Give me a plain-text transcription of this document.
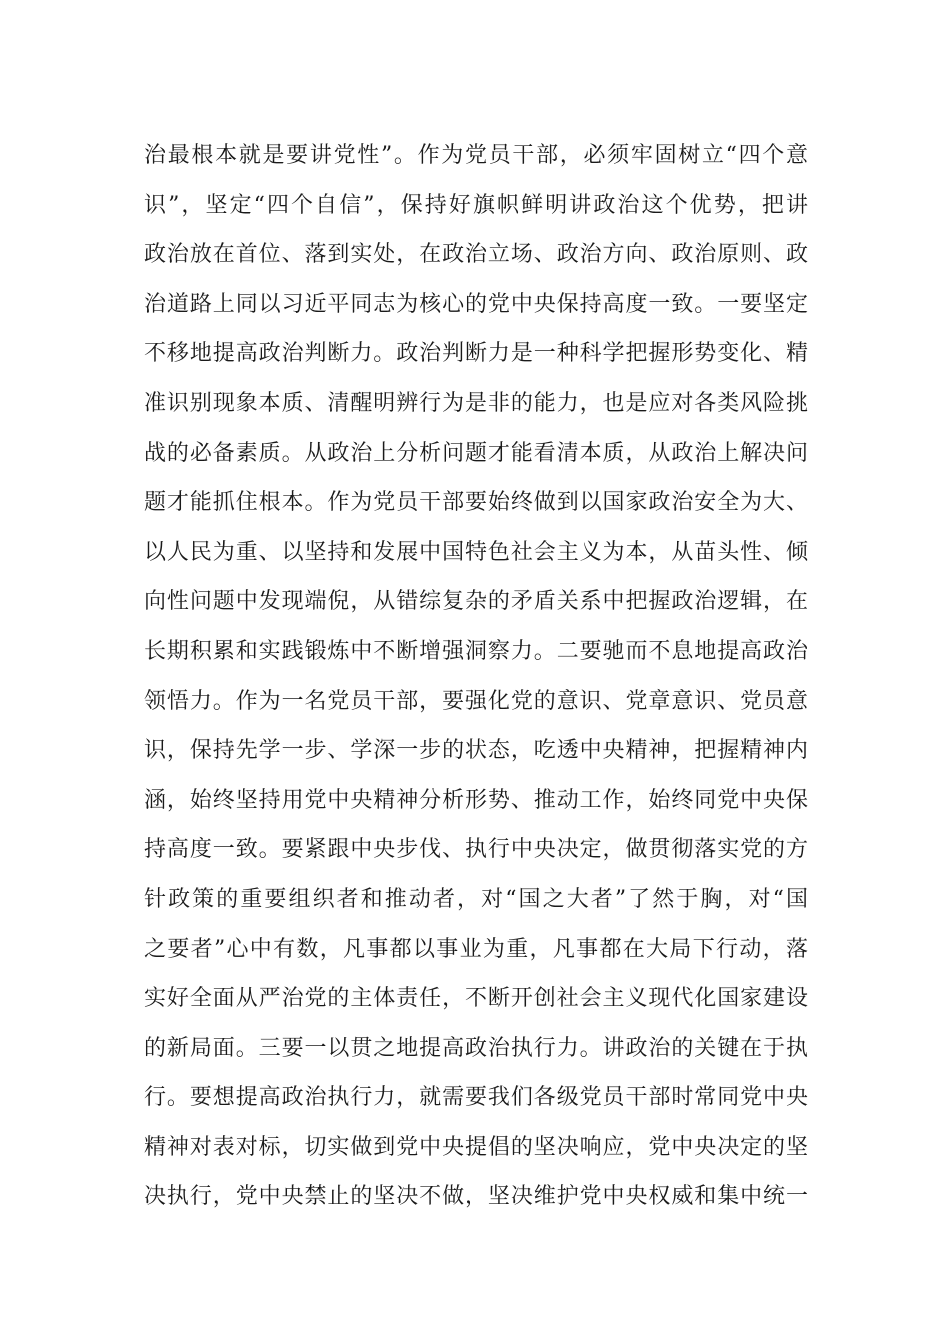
治最根本就是要讲党性”。作为党员干部，必须牢固树立“四个意
识”，坚定“四个自信”，保持好旗帜鲜明讲政治这个优势，把讲
政治放在首位、落到实处，在政治立场、政治方向、政治原则、政
治道路上同以习近平同志为核心的党中央保持高度一致。一要坚定
不移地提高政治判断力。政治判断力是一种科学把握形势变化、精
准识别现象本质、清醒明辨行为是非的能力，也是应对各类风险挑
战的必备素质。从政治上分析问题才能看清本质，从政治上解决问
题才能抓住根本。作为党员干部要始终做到以国家政治安全为大、
以人民为重、以坚持和发展中国特色社会主义为本，从苗头性、倾
向性问题中发现端倪，从错综复杂的矛盾关系中把握政治逻辑，在
长期积累和实践锻炼中不断增强洞察力。二要驰而不息地提高政治
领悟力。作为一名党员干部，要强化党的意识、党章意识、党员意
识，保持先学一步、学深一步的状态，吃透中央精神，把握精神内
涵，始终坚持用党中央精神分析形势、推动工作，始终同党中央保
持高度一致。要紧跟中央步伐、执行中央决定，做贯彻落实党的方
针政策的重要组织者和推动者，对“国之大者”了然于胸，对“国
之要者”心中有数，凡事都以事业为重，凡事都在大局下行动，落
实好全面从严治党的主体责任，不断开创社会主义现代化国家建设
的新局面。三要一以贯之地提高政治执行力。讲政治的关键在于执
行。要想提高政治执行力，就需要我们各级党员干部时常同党中央
精神对表对标，切实做到党中央提倡的坚决响应，党中央决定的坚
决执行，党中央禁止的坚决不做，坚决维护党中央权威和集中统一
